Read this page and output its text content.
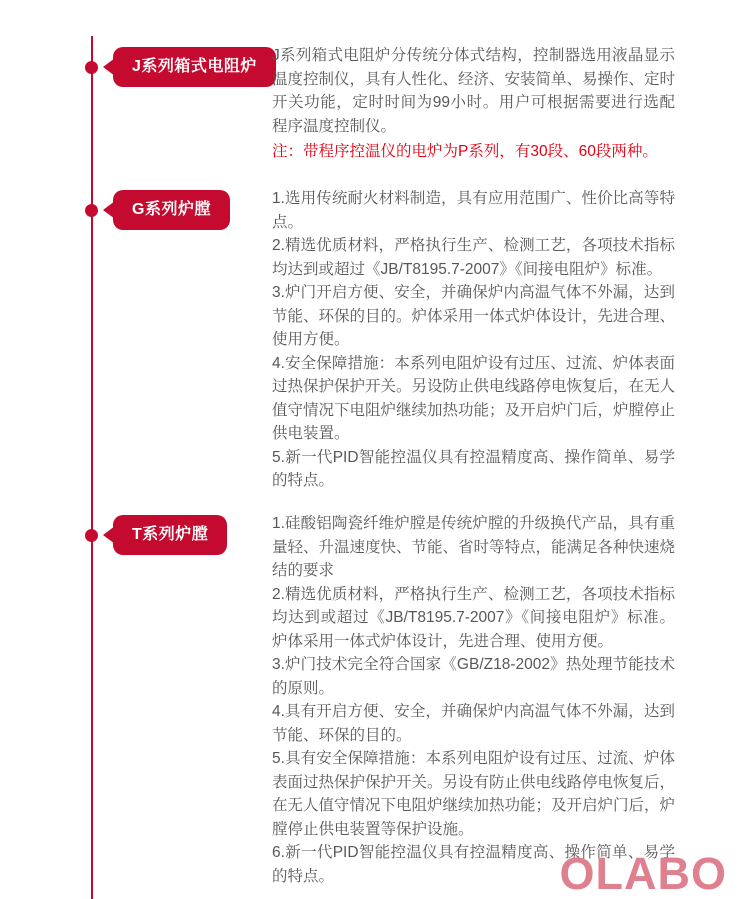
J系列箱式电阻炉

J系列箱式电阻炉分传统分体式结构，控制器选用液晶显示温度控制仪，具有人性化、经济、安装简单、易操作、定时开关功能，定时时间为99小时。用户可根据需要进行选配程序温度控制仪。

注：带程序控温仪的电炉为P系列，有30段、60段两种。

G系列炉膛

1.选用传统耐火材料制造，具有应用范围广、性价比高等特点。

2.精选优质材料，严格执行生产、检测工艺，各项技术指标均达到或超过《JB/T8195.7-2007》《间接电阻炉》标准。

3.炉门开启方便、安全，并确保炉内高温气体不外漏，达到节能、环保的目的。炉体采用一体式炉体设计，先进合理、使用方便。

4.安全保障措施：本系列电阻炉设有过压、过流、炉体表面过热保护保护开关。另设防止供电线路停电恢复后，在无人值守情况下电阻炉继续加热功能；及开启炉门后，炉膛停止供电装置。

5.新一代PID智能控温仪具有控温精度高、操作简单、易学的特点。

T系列炉膛

1.硅酸铝陶瓷纤维炉膛是传统炉膛的升级换代产品，具有重量轻、升温速度快、节能、省时等特点，能满足各种快速烧结的要求

2.精选优质材料，严格执行生产、检测工艺，各项技术指标均达到或超过《JB/T8195.7-2007》《间接电阻炉》标准。炉体采用一体式炉体设计，先进合理、使用方便。

3.炉门技术完全符合国家《GB/Z18-2002》热处理节能技术的原则。

4.具有开启方便、安全，并确保炉内高温气体不外漏，达到节能、环保的目的。

5.具有安全保障措施：本系列电阻炉设有过压、过流、炉体表面过热保护保护开关。另设有防止供电线路停电恢复后，在无人值守情况下电阻炉继续加热功能；及开启炉门后，炉膛停止供电装置等保护设施。

6.新一代PID智能控温仪具有控温精度高、操作简单、易学的特点。	OLABO
